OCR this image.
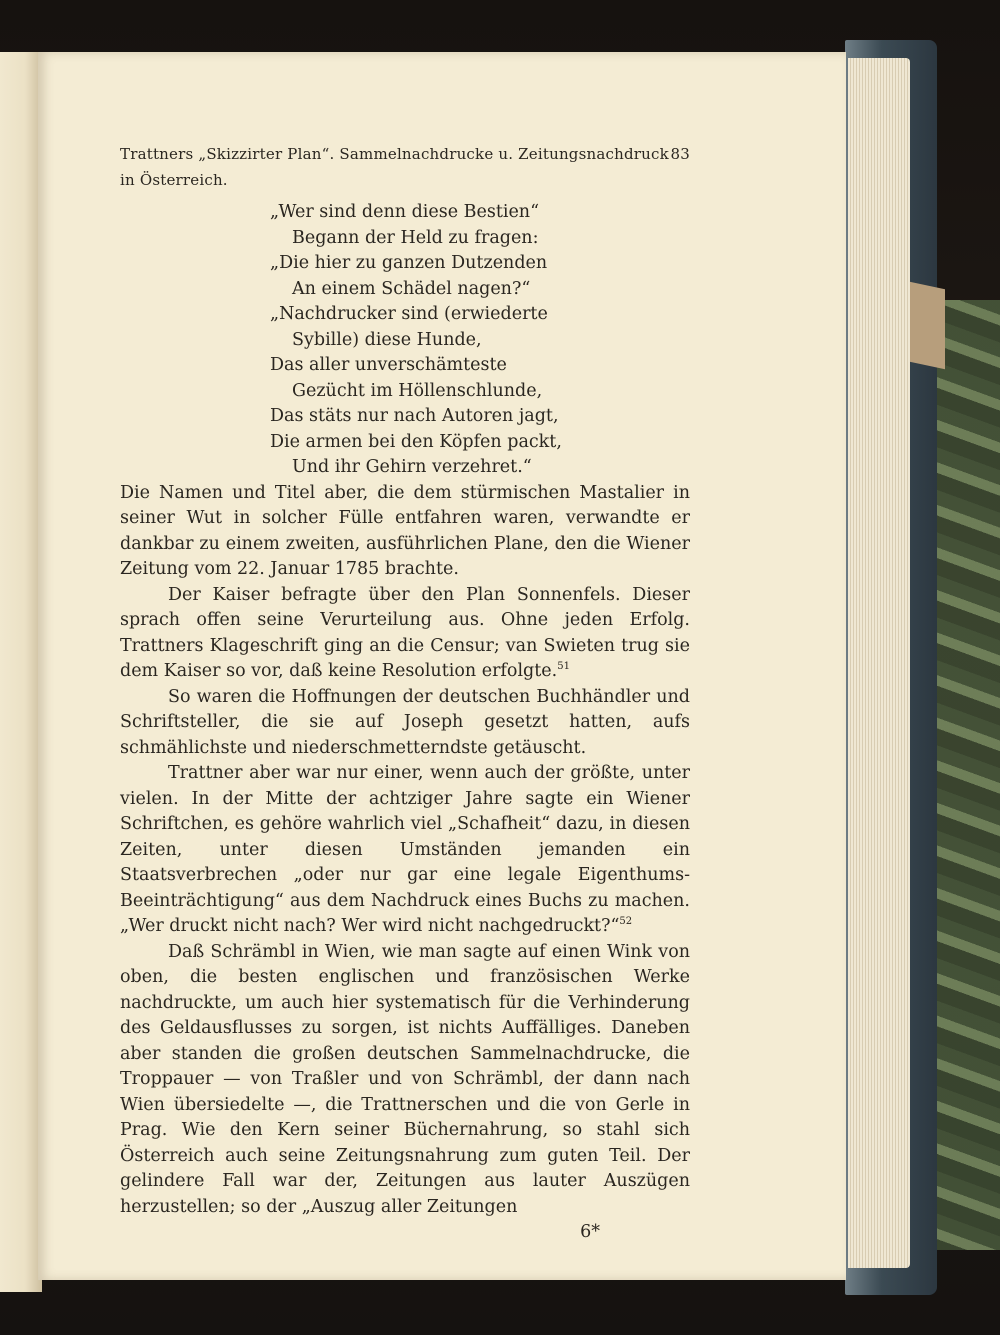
Trattners „Skizzirter Plan“. Sammelnachdrucke u. Zeitungsnachdruck in Österreich.
83
„Wer sind denn diese Bestien“
Begann der Held zu fragen:
„Die hier zu ganzen Dutzenden
An einem Schädel nagen?“
„Nachdrucker sind (erwiederte
Sybille) diese Hunde,
Das aller unverschämteste
Gezücht im Höllenschlunde,
Das stäts nur nach Autoren jagt,
Die armen bei den Köpfen packt,
Und ihr Gehirn verzehret.“

Die Namen und Titel aber, die dem stürmischen Mastalier in seiner Wut in solcher Fülle entfahren waren, verwandte er dankbar zu einem zweiten, ausführlichen Plane, den die Wiener Zeitung vom 22. Januar 1785 brachte.

Der Kaiser befragte über den Plan Sonnenfels. Dieser sprach offen seine Verurteilung aus. Ohne jeden Erfolg. Trattners Klageschrift ging an die Censur; van Swieten trug sie dem Kaiser so vor, daß keine Resolution erfolgte.$^{51}$

So waren die Hoffnungen der deutschen Buchhändler und Schriftsteller, die sie auf Joseph gesetzt hatten, aufs schmählichste und niederschmetterndste getäuscht.

Trattner aber war nur einer, wenn auch der größte, unter vielen. In der Mitte der achtziger Jahre sagte ein Wiener Schriftchen, es gehöre wahrlich viel „Schafheit“ dazu, in diesen Zeiten, unter diesen Umständen jemanden ein Staatsverbrechen „oder nur gar eine legale Eigenthums-Beeinträchtigung“ aus dem Nachdruck eines Buchs zu machen. „Wer druckt nicht nach? Wer wird nicht nachgedruckt?“$^{52}$

Daß Schrämbl in Wien, wie man sagte auf einen Wink von oben, die besten englischen und französischen Werke nachdruckte, um auch hier systematisch für die Verhinderung des Geldausflusses zu sorgen, ist nichts Auffälliges. Daneben aber standen die großen deutschen Sammelnachdrucke, die Troppauer — von Traßler und von Schrämbl, der dann nach Wien übersiedelte —, die Trattnerschen und die von Gerle in Prag. Wie den Kern seiner Büchernahrung, so stahl sich Österreich auch seine Zeitungsnahrung zum guten Teil. Der gelindere Fall war der, Zeitungen aus lauter Auszügen herzustellen; so der „Auszug aller Zeitungen

6*
